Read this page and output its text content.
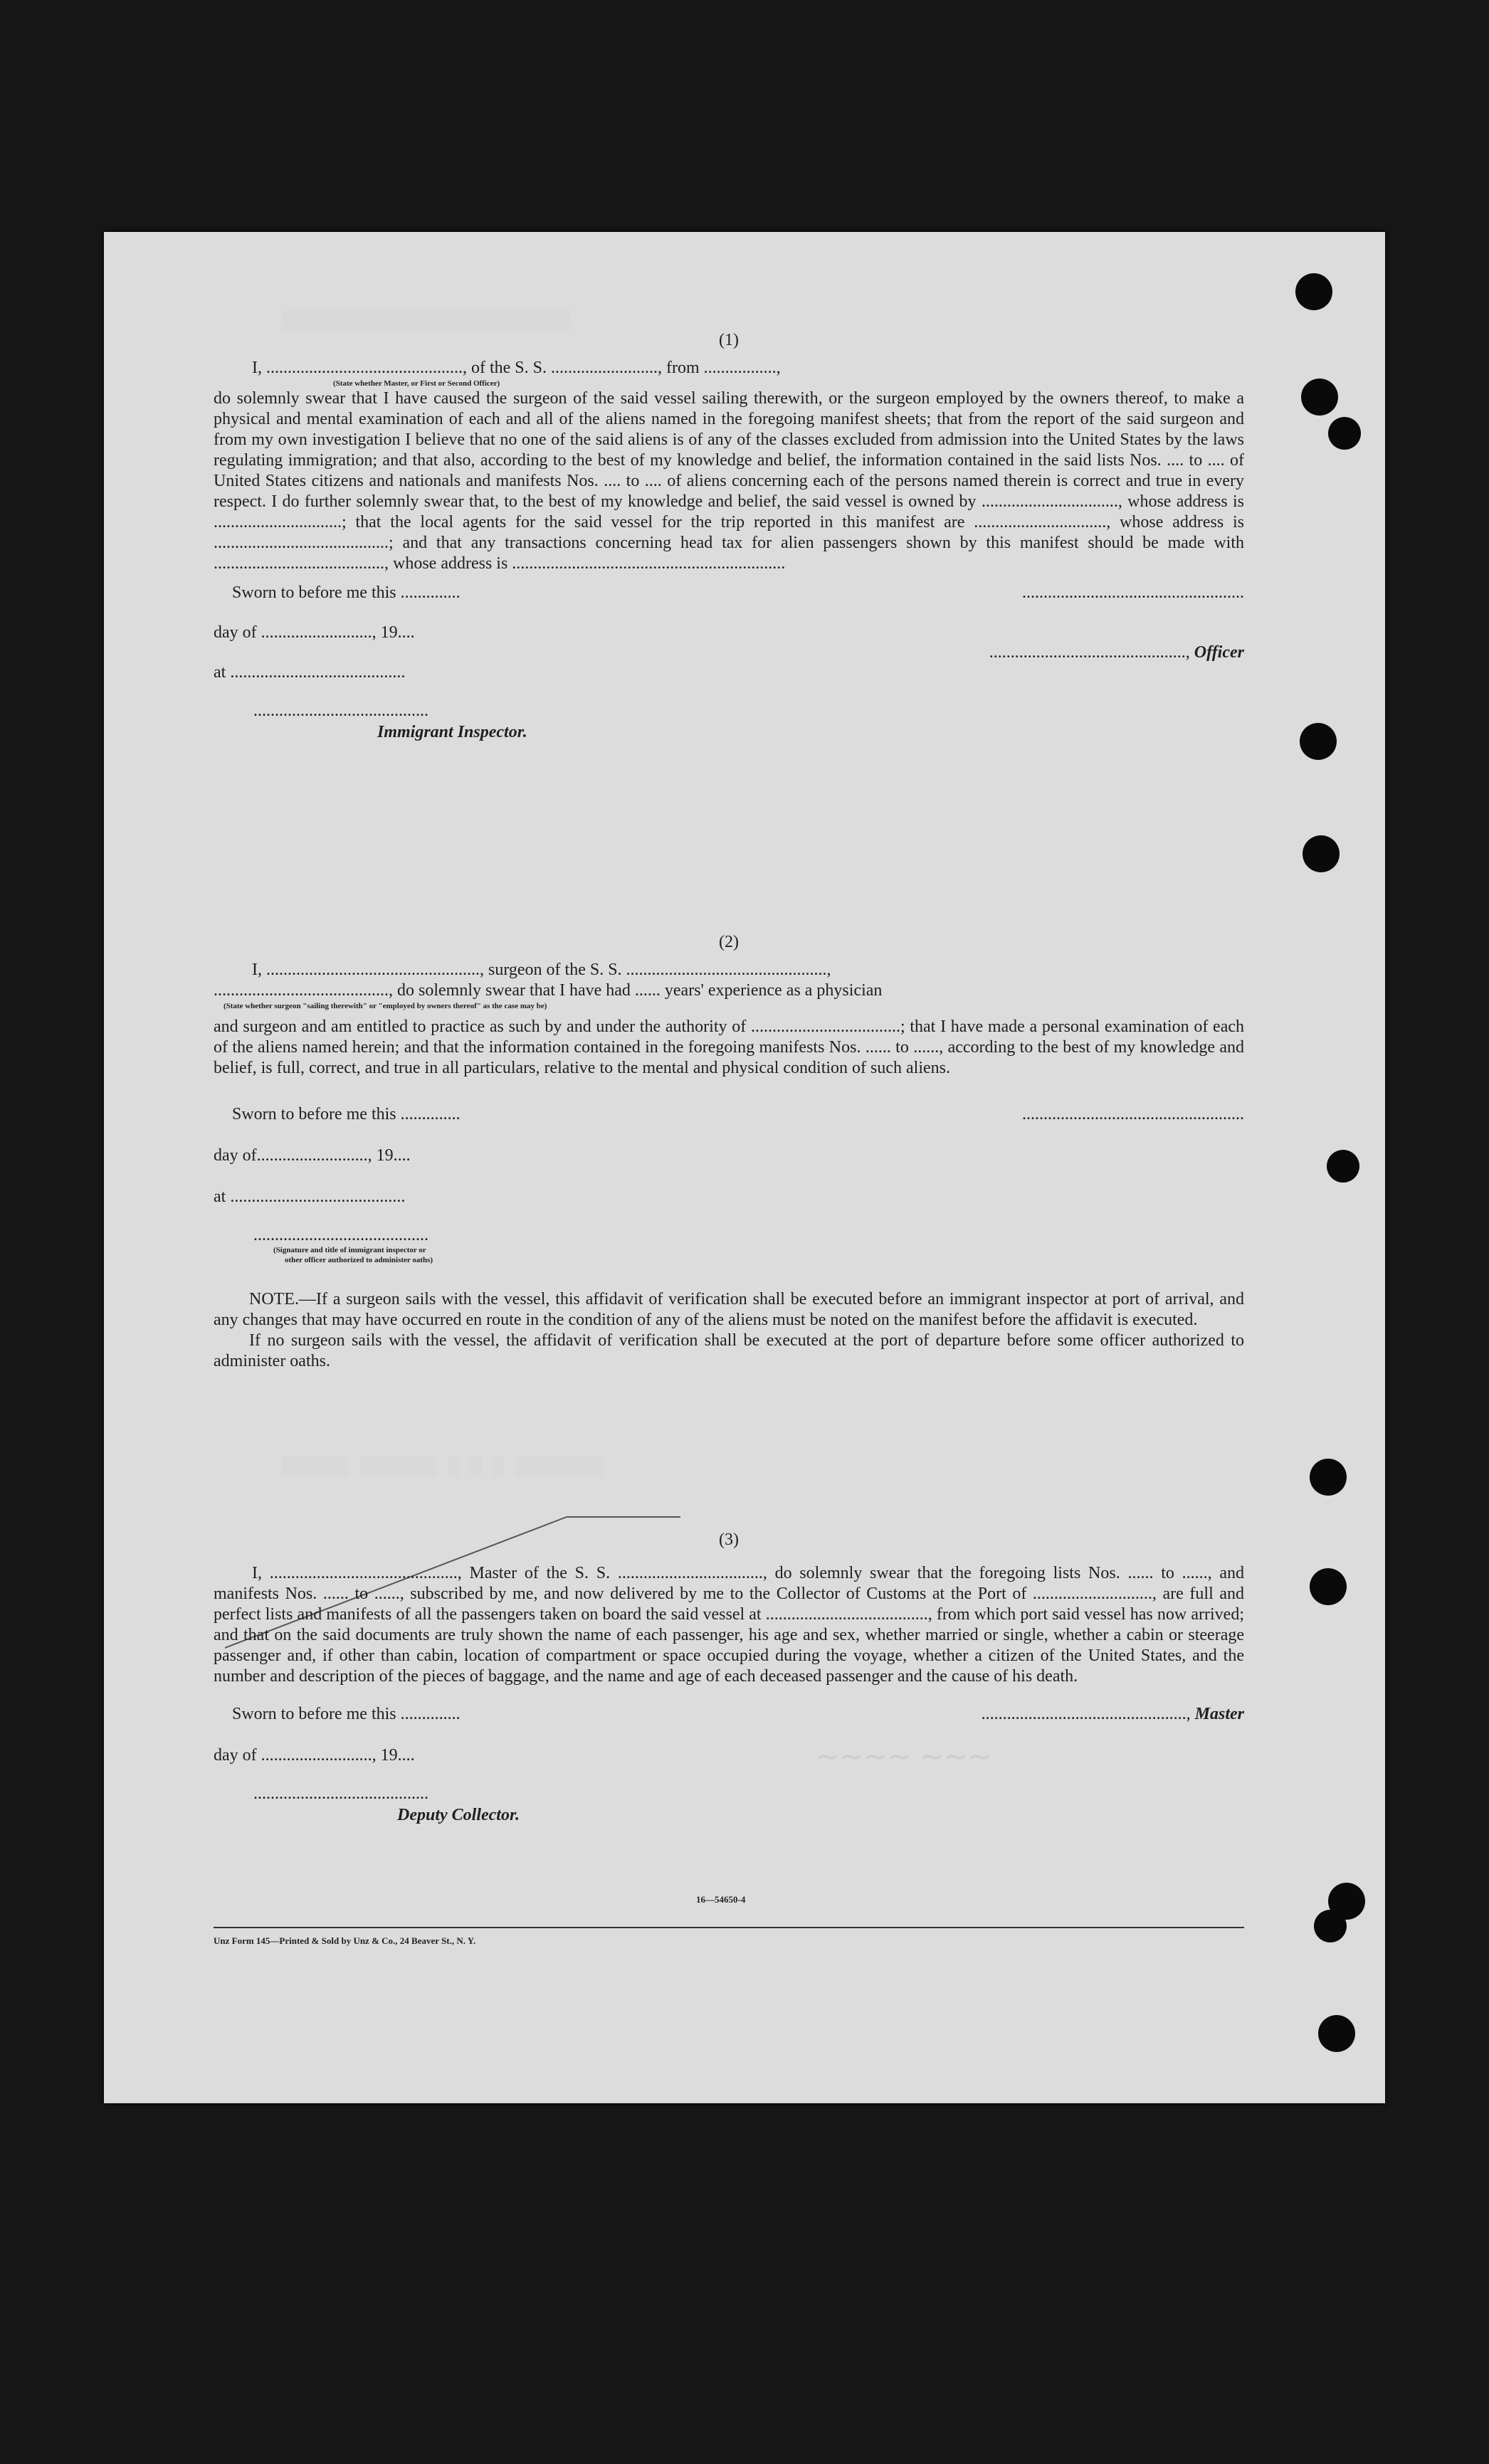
▒▒▒▒▒▒▒▒▒▒▒▒▒▒▒▒▒▒▒▒▒▒▒▒▒▒
▒▒▒▒▒▒ ▒▒▒▒▒▒▒ ▒ ▒ ▒ ▒▒▒▒▒▒▒▒
~~~~ ~~~
(1)
I, .............................................., of the S. S. ........................., from .................,
(State whether Master, or First or Second Officer)

do solemnly swear that I have caused the surgeon of the said vessel sailing therewith, or the surgeon employed by the owners thereof, to make a physical and mental examination of each and all of the aliens named in the foregoing manifest sheets; that from the report of the said surgeon and from my own investigation I believe that no one of the said aliens is of any of the classes excluded from admission into the United States by the laws regulating immigration; and that also, according to the best of my knowledge and belief, the information contained in the said lists Nos. .... to .... of United States citizens and nationals and manifests Nos. .... to .... of aliens concerning each of the persons named therein is correct and true in every respect. I do further solemnly swear that, to the best of my knowledge and belief, the said vessel is owned by ................................, whose address is ..............................; that the local agents for the said vessel for the trip reported in this manifest are ..............................., whose address is .........................................; and that any transactions concerning head tax for alien passengers shown by this manifest should be made with ........................................, whose address is ................................................................

Sworn to before me this ..............	....................................................
day of .........................., 19....
.............................................., Officer
at .........................................
.........................................
Immigrant Inspector.
(2)
I, .................................................., surgeon of the S. S. ...............................................,
........................................., do solemnly swear that I have had ...... years' experience as a physician
(State whether surgeon "sailing therewith" or "employed by owners thereof" as the case may be)

and surgeon and am entitled to practice as such by and under the authority of ...................................; that I have made a personal examination of each of the aliens named herein; and that the information contained in the foregoing manifests Nos. ...... to ......, according to the best of my knowledge and belief, is full, correct, and true in all particulars, relative to the mental and physical condition of such aliens.

Sworn to before me this ..............	....................................................
day of.........................., 19....
at .........................................
.........................................
(Signature and title of immigrant inspector or
other officer authorized to administer oaths)

NOTE.—If a surgeon sails with the vessel, this affidavit of verification shall be executed before an immigrant inspector at port of arrival, and any changes that may have occurred en route in the condition of any of the aliens must be noted on the manifest before the affidavit is executed.

If no surgeon sails with the vessel, the affidavit of verification shall be executed at the port of departure before some officer authorized to administer oaths.

(3)

I, ............................................, Master of the S. S. .................................., do solemnly swear that the foregoing lists Nos. ...... to ......, and manifests Nos. ...... to ......, subscribed by me, and now delivered by me to the Collector of Customs at the Port of ............................, are full and perfect lists and manifests of all the passengers taken on board the said vessel at ......................................, from which port said vessel has now arrived; and that on the said documents are truly shown the name of each passenger, his age and sex, whether married or single, whether a cabin or steerage passenger and, if other than cabin, location of compartment or space occupied during the voyage, whether a citizen of the United States, and the number and description of the pieces of baggage, and the name and age of each deceased passenger and the cause of his death.

Sworn to before me this ..............	................................................, Master
day of .........................., 19....
.........................................
Deputy Collector.
16—54650-4
Unz Form 145—Printed & Sold by Unz & Co., 24 Beaver St., N. Y.
